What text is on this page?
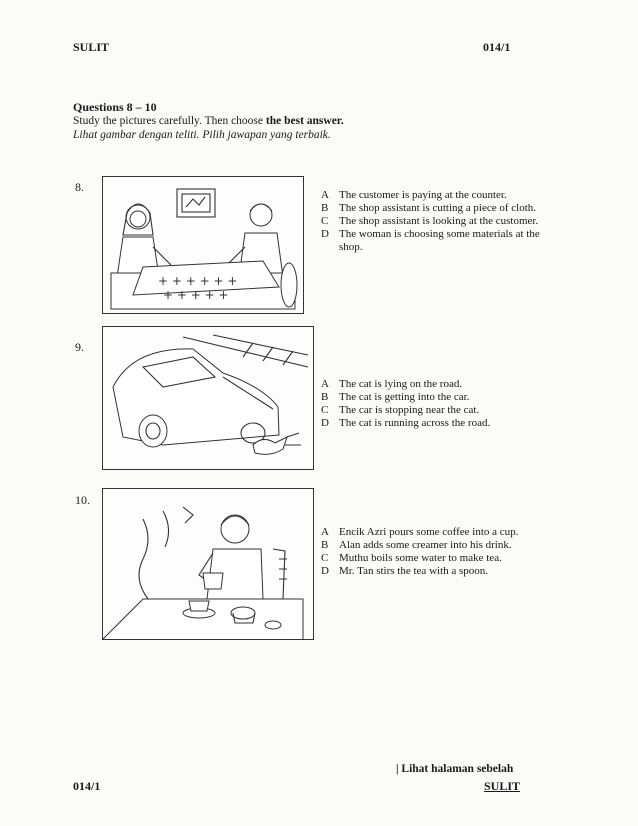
SULIT	014/1
Questions 8 – 10
Study the pictures carefully. Then choose the best answer.
Lihat gambar dengan teliti. Pilih jawapan yang terbaik.
8.
+ + + + + +
+ + + + +
A The customer is paying at the counter.
B The shop assistant is cutting a piece of cloth.
C The shop assistant is looking at the customer.
D The woman is choosing some materials at the shop.
9.
A The cat is lying on the road.
B The cat is getting into the car.
C The car is stopping near the cat.
D The cat is running across the road.
10.
A Encik Azri pours some coffee into a cup.
B Alan adds some creamer into his drink.
C Muthu boils some water to make tea.
D Mr. Tan stirs the tea with a spoon.
| Lihat halaman sebelah
014/1	SULIT
